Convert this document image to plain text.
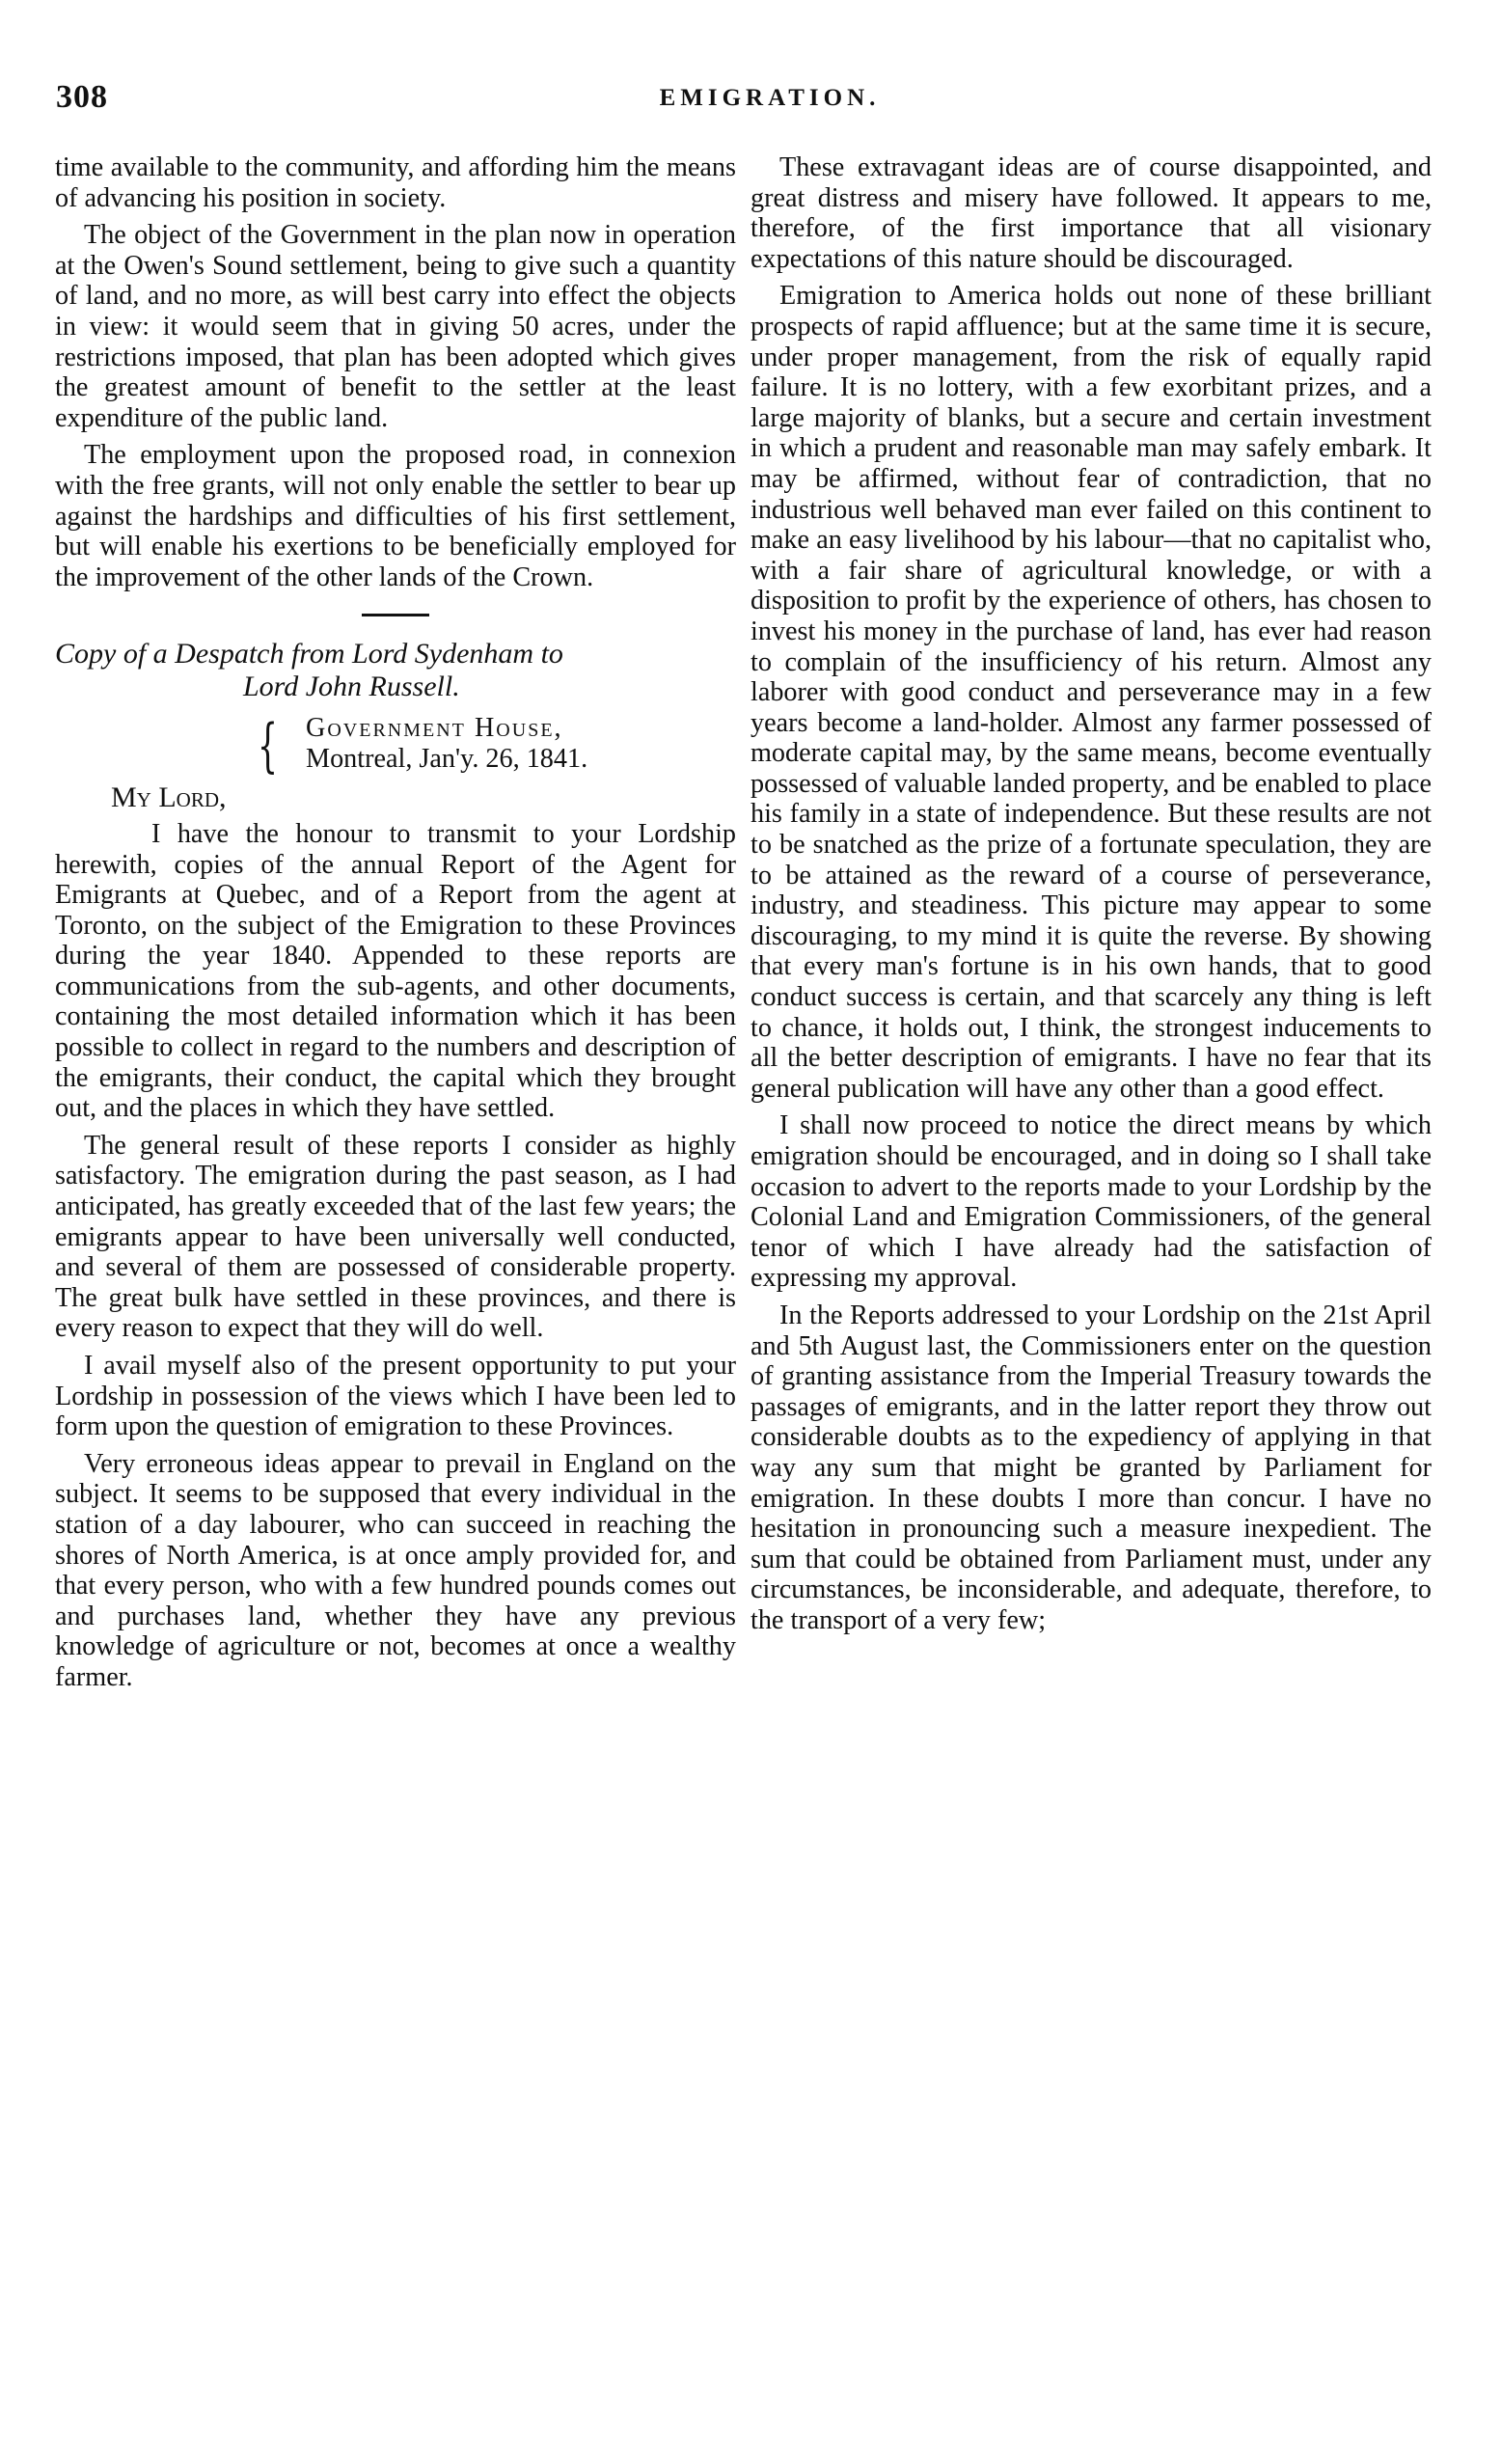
308	EMIGRATION.

time available to the community, and affording him the means of advancing his position in society.

The object of the Government in the plan now in operation at the Owen's Sound settlement, being to give such a quantity of land, and no more, as will best carry into effect the objects in view: it would seem that in giving 50 acres, under the restrictions imposed, that plan has been adopted which gives the greatest amount of benefit to the settler at the least expenditure of the public land.

The employment upon the proposed road, in connexion with the free grants, will not only enable the settler to bear up against the hardships and difficulties of his first settlement, but will enable his exertions to be beneficially employed for the improvement of the other lands of the Crown.

Copy of a Despatch from Lord Sydenham to
Lord John Russell.
{ Government House,
Montreal, Jan'y. 26, 1841.
My Lord,

I have the honour to transmit to your Lordship herewith, copies of the annual Report of the Agent for Emigrants at Quebec, and of a Report from the agent at Toronto, on the subject of the Emigration to these Provinces during the year 1840. Appended to these reports are communications from the sub-agents, and other documents, containing the most detailed information which it has been possible to collect in regard to the numbers and description of the emigrants, their conduct, the capital which they brought out, and the places in which they have settled.

The general result of these reports I consider as highly satisfactory. The emigration during the past season, as I had anticipated, has greatly exceeded that of the last few years; the emigrants appear to have been universally well conducted, and several of them are possessed of considerable property. The great bulk have settled in these provinces, and there is every reason to expect that they will do well.

I avail myself also of the present opportunity to put your Lordship in possession of the views which I have been led to form upon the question of emigration to these Provinces.

Very erroneous ideas appear to prevail in England on the subject. It seems to be supposed that every individual in the station of a day labourer, who can succeed in reaching the shores of North America, is at once amply provided for, and that every person, who with a few hundred pounds comes out and purchases land, whether they have any previous knowledge of agriculture or not, becomes at once a wealthy farmer.

These extravagant ideas are of course disappointed, and great distress and misery have followed. It appears to me, therefore, of the first importance that all visionary expectations of this nature should be discouraged.

Emigration to America holds out none of these brilliant prospects of rapid affluence; but at the same time it is secure, under proper management, from the risk of equally rapid failure. It is no lottery, with a few exorbitant prizes, and a large majority of blanks, but a secure and certain investment in which a prudent and reasonable man may safely embark. It may be affirmed, without fear of contradiction, that no industrious well behaved man ever failed on this continent to make an easy livelihood by his labour—that no capitalist who, with a fair share of agricultural knowledge, or with a disposition to profit by the experience of others, has chosen to invest his money in the purchase of land, has ever had reason to complain of the insufficiency of his return. Almost any laborer with good conduct and perseverance may in a few years become a land-holder. Almost any farmer possessed of moderate capital may, by the same means, become eventually possessed of valuable landed property, and be enabled to place his family in a state of independence. But these results are not to be snatched as the prize of a fortunate speculation, they are to be attained as the reward of a course of perseverance, industry, and steadiness. This picture may appear to some discouraging, to my mind it is quite the reverse. By showing that every man's fortune is in his own hands, that to good conduct success is certain, and that scarcely any thing is left to chance, it holds out, I think, the strongest inducements to all the better description of emigrants. I have no fear that its general publication will have any other than a good effect.

I shall now proceed to notice the direct means by which emigration should be encouraged, and in doing so I shall take occasion to advert to the reports made to your Lordship by the Colonial Land and Emigration Commissioners, of the general tenor of which I have already had the satisfaction of expressing my approval.

In the Reports addressed to your Lordship on the 21st April and 5th August last, the Commissioners enter on the question of granting assistance from the Imperial Treasury towards the passages of emigrants, and in the latter report they throw out considerable doubts as to the expediency of applying in that way any sum that might be granted by Parliament for emigration. In these doubts I more than concur. I have no hesitation in pronouncing such a measure inexpedient. The sum that could be obtained from Parliament must, under any circumstances, be inconsiderable, and adequate, therefore, to the transport of a very few;
